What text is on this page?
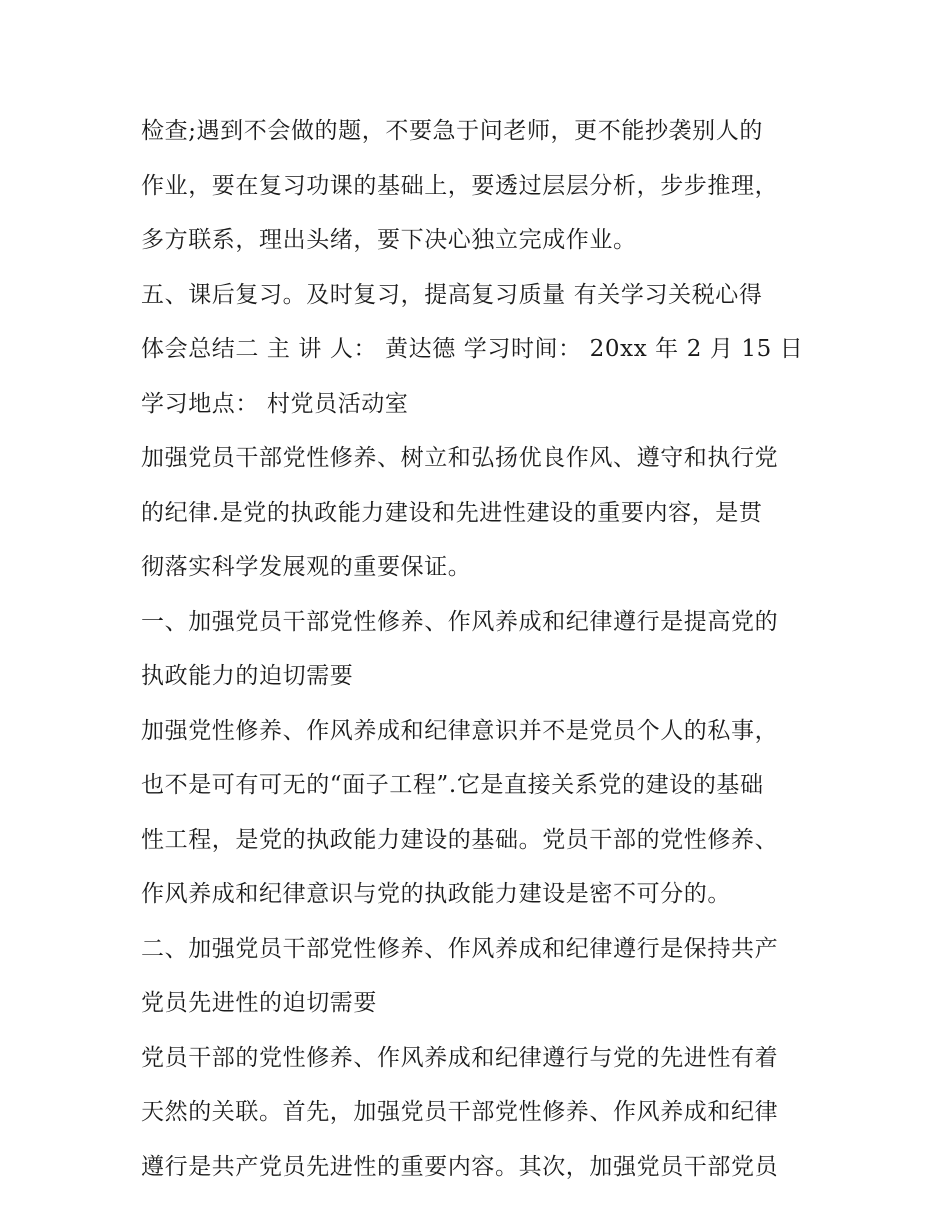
检查;遇到不会做的题，不要急于问老师，更不能抄袭别人的
作业，要在复习功课的基础上，要透过层层分析，步步推理，
多方联系，理出头绪，要下决心独立完成作业。
五、课后复习。及时复习，提高复习质量 有关学习关税心得
体会总结二 主 讲 人： 黄达德 学习时间： 20xx 年 2 月 15 日
学习地点： 村党员活动室
加强党员干部党性修养、树立和弘扬优良作风、遵守和执行党
的纪律.是党的执政能力建设和先进性建设的重要内容，是贯
彻落实科学发展观的重要保证。
一、加强党员干部党性修养、作风养成和纪律遵行是提高党的
执政能力的迫切需要
加强党性修养、作风养成和纪律意识并不是党员个人的私事，
也不是可有可无的“面子工程”.它是直接关系党的建设的基础
性工程，是党的执政能力建设的基础。党员干部的党性修养、
作风养成和纪律意识与党的执政能力建设是密不可分的。
二、加强党员干部党性修养、作风养成和纪律遵行是保持共产
党员先进性的迫切需要
党员干部的党性修养、作风养成和纪律遵行与党的先进性有着
天然的关联。首先，加强党员干部党性修养、作风养成和纪律
遵行是共产党员先进性的重要内容。其次，加强党员干部党员
